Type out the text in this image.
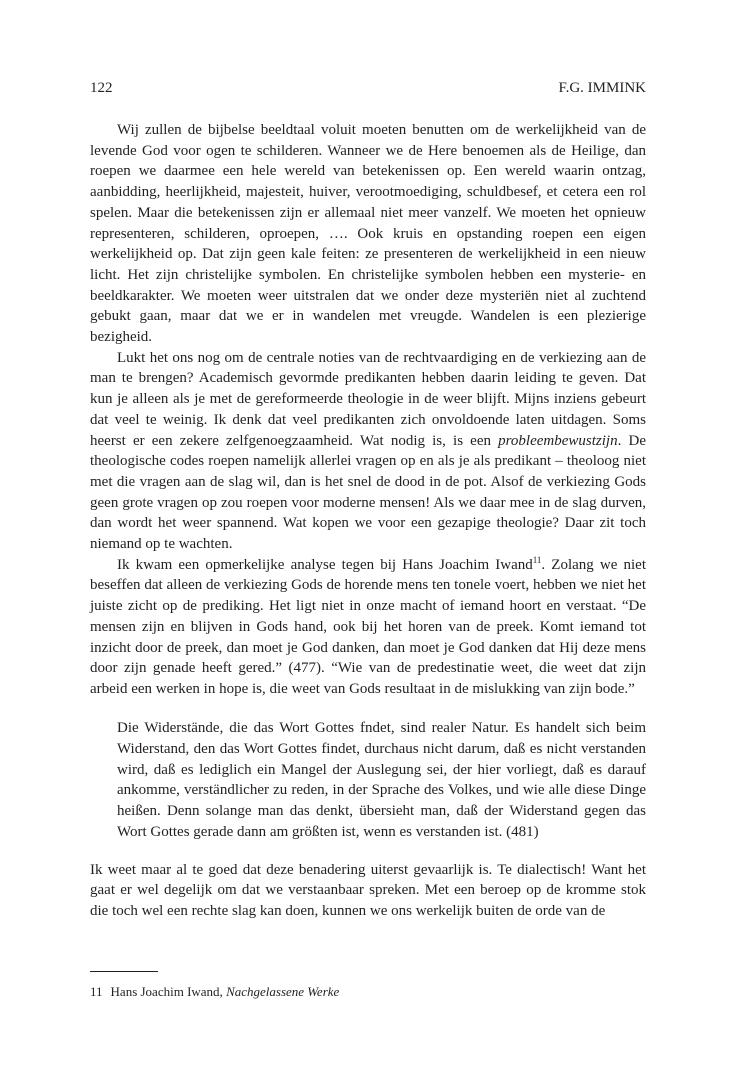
122	F.G. IMMINK

Wij zullen de bijbelse beeldtaal voluit moeten benutten om de werkelijkheid van de levende God voor ogen te schilderen. Wanneer we de Here benoemen als de Heilige, dan roepen we daarmee een hele wereld van betekenissen op. Een wereld waarin ontzag, aanbidding, heerlijkheid, majesteit, huiver, verootmoediging, schuldbesef, et cetera een rol spelen. Maar die betekenissen zijn er allemaal niet meer vanzelf. We moeten het opnieuw representeren, schilderen, oproepen, …. Ook kruis en opstanding roepen een eigen werkelijkheid op. Dat zijn geen kale feiten: ze presenteren de werkelijkheid in een nieuw licht. Het zijn christelijke symbolen. En christelijke symbolen hebben een mysterie- en beeldkarakter. We moeten weer uitstralen dat we onder deze mysteriën niet al zuchtend gebukt gaan, maar dat we er in wandelen met vreugde. Wandelen is een plezierige bezigheid.

Lukt het ons nog om de centrale noties van de rechtvaardiging en de verkiezing aan de man te brengen? Academisch gevormde predikanten hebben daarin leiding te geven. Dat kun je alleen als je met de gereformeerde theologie in de weer blijft. Mijns inziens gebeurt dat veel te weinig. Ik denk dat veel predikanten zich onvoldoende laten uitdagen. Soms heerst er een zekere zelfgenoegzaamheid. Wat nodig is, is een probleembewustzijn. De theologische codes roepen namelijk allerlei vragen op en als je als predikant – theoloog niet met die vragen aan de slag wil, dan is het snel de dood in de pot. Alsof de verkiezing Gods geen grote vragen op zou roepen voor moderne mensen! Als we daar mee in de slag durven, dan wordt het weer spannend. Wat kopen we voor een gezapige theologie? Daar zit toch niemand op te wachten.

Ik kwam een opmerkelijke analyse tegen bij Hans Joachim Iwand$^{11}$. Zolang we niet beseffen dat alleen de verkiezing Gods de horende mens ten tonele voert, hebben we niet het juiste zicht op de prediking. Het ligt niet in onze macht of iemand hoort en verstaat. “De mensen zijn en blijven in Gods hand, ook bij het horen van de preek. Komt iemand tot inzicht door de preek, dan moet je God danken, dan moet je God danken dat Hij deze mens door zijn genade heeft gered.” (477). “Wie van de predestinatie weet, die weet dat zijn arbeid een werken in hope is, die weet van Gods resultaat in de mislukking van zijn bode.”

Die Widerstände, die das Wort Gottes fndet, sind realer Natur. Es handelt sich beim Widerstand, den das Wort Gottes findet, durchaus nicht darum, daß es nicht verstanden wird, daß es lediglich ein Mangel der Auslegung sei, der hier vorliegt, daß es darauf ankomme, verständlicher zu reden, in der Sprache des Volkes, und wie alle diese Dinge heißen. Denn solange man das denkt, übersieht man, daß der Widerstand gegen das Wort Gottes gerade dann am größten ist, wenn es verstanden ist. (481)

Ik weet maar al te goed dat deze benadering uiterst gevaarlijk is. Te dialectisch! Want het gaat er wel degelijk om dat we verstaanbaar spreken. Met een beroep op de kromme stok die toch wel een rechte slag kan doen, kunnen we ons werkelijk buiten de orde van de

11 Hans Joachim Iwand, Nachgelassene Werke
